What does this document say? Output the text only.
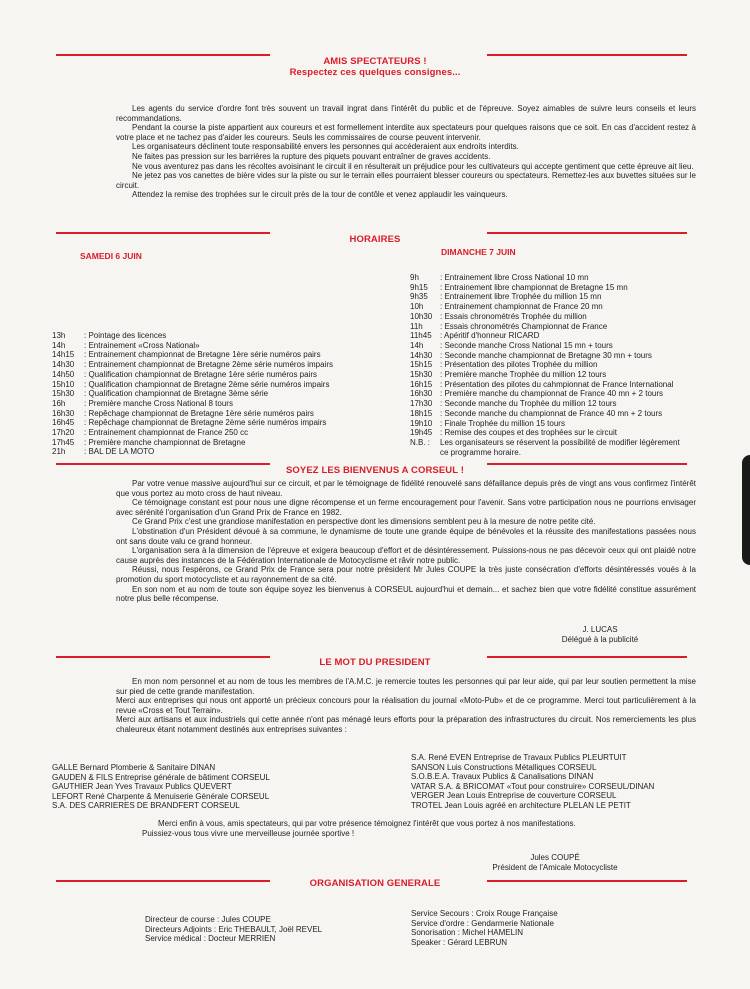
AMIS SPECTATEURS !
Respectez ces quelques consignes...

Les agents du service d'ordre font très souvent un travail ingrat dans l'intérêt du public et de l'épreuve. Soyez aimables de suivre leurs conseils et leurs recommandations.

Pendant la course la piste appartient aux coureurs et est formellement interdite aux spectateurs pour quelques raisons que ce soit. En cas d'accident restez à votre place et ne tachez pas d'aider les coureurs. Seuls les commissaires de course peuvent intervenir.

Les organisateurs déclinent toute responsabilité envers les personnes qui accéderaient aux endroits interdits.

Ne faites pas pression sur les barrières la rupture des piquets pouvant entraîner de graves accidents.

Ne vous aventurez pas dans les récoltes avoisinant le circuit il en résulterait un préjudice pour les cultivateurs qui accepte gentiment que cette épreuve ait lieu.

Ne jetez pas vos canettes de bière vides sur la piste ou sur le terrain elles pourraient blesser coureurs ou spectateurs. Remettez-les aux buvettes situées sur le circuit.

Attendez la remise des trophées sur le circuit près de la tour de contôle et venez applaudir les vainqueurs.

HORAIRES
SAMEDI 6 JUIN	DIMANCHE 7 JUIN
13h : Pointage des licences
14h : Entrainement «Cross National»
14h15 : Entrainement championnat de Bretagne 1ère série numéros pairs
14h30 : Entrainement championnat de Bretagne 2ème série numéros impairs
14h50 : Qualification championnat de Bretagne 1ère série numéros pairs
15h10 : Qualification championnat de Bretagne 2ème série numéros impairs
15h30 : Qualification championnat de Bretagne 3ème série
16h : Première manche Cross National 8 tours
16h30 : Repêchage championnat de Bretagne 1ère série numéros pairs
16h45 : Repêchage championnat de Bretagne 2ème série numéros impairs
17h20 : Entrainement championnat de France 250 cc
17h45 : Première manche championnat de Bretagne
21h : BAL DE LA MOTO
9h	: Entrainement libre Cross National 10 mn
9h15 : Entrainement libre championnat de Bretagne 15 mn
9h35 : Entrainement libre Trophée du million 15 mn
10h : Entrainement championnat de France 20 mn
10h30 : Essais chronométrés Trophée du million
11h : Essais chronométrés Championnat de France
11h45 : Apéritif d'honneur RICARD
14h : Seconde manche Cross National 15 mn + tours
14h30 : Seconde manche championnat de Bretagne 30 mn + tours
15h15 : Présentation des pilotes Trophée du million
15h30 : Première manche Trophée du million 12 tours
16h15 : Présentation des pilotes du cahmpionnat de France International
16h30 : Première manche du championnat de France 40 mn + 2 tours
17h30 : Seconde manche du Trophée du million 12 tours
18h15 : Seconde manche du championnat de France 40 mn + 2 tours
19h10 : Finale Trophée du million 15 tours
19h45 : Remise des coupes et des trophées sur le circuit
N.B. : Les organisateurs se réservent la possibilité de modifier légèrement
ce programme horaire.
SOYEZ LES BIENVENUS A CORSEUL !

Par votre venue massive aujourd'hui sur ce circuit, et par le témoignage de fidélité renouvelé sans défaillance depuis près de vingt ans vous confirmez l'intérêt que vous portez au moto cross de haut niveau.

Ce témoignage constant est pour nous une digne récompense et un ferme encouragement pour l'avenir. Sans votre participation nous ne pourrions envisager avec sérénité l'organisation d'un Grand Prix de France en 1982.

Ce Grand Prix c'est une grandiose manifestation en perspective dont les dimensions semblent peu à la mesure de notre petite cité.

L'obstination d'un Président dévoué à sa commune, le dynamisme de toute une grande équipe de bénévoles et la réussite des manifestations passées nous ont sans doute valu ce grand honneur.

L'organisation sera à la dimension de l'épreuve et exigera beaucoup d'effort et de désintéressement. Puissions-nous ne pas décevoir ceux qui ont plaidé notre cause auprès des instances de la Fédération Internationale de Motocyclisme et râvir notre public.

Réussi, nous l'espérons, ce Grand Prix de France sera pour notre président Mr Jules COUPE la très juste consécration d'efforts désintéressés voués à la promotion du sport motocycliste et au rayonnement de sa cité.

En son nom et au nom de toute son équipe soyez les bienvenus à CORSEUL aujourd'hui et demain... et sachez bien que votre fidélité constitue assurément notre plus belle récompense.

J. LUCAS
Délégué à la publicité
LE MOT DU PRESIDENT

En mon nom personnel et au nom de tous les membres de l'A.M.C. je remercie toutes les personnes qui par leur aide, qui par leur soutien permettent la mise sur pied de cette grande manifestation.

Merci aux entreprises qui nous ont apporté un précieux concours pour la réalisation du journal «Moto-Pub» et de ce programme. Merci tout particulièrement à la revue «Cross et Tout Terrain».

Merci aux artisans et aux industriels qui cette année n'ont pas ménagé leurs efforts pour la préparation des infrastructures du circuit. Nos remerciements les plus chaleureux étant notamment destinés aux entreprises suivantes :

GALLE Bernard Plomberie & Sanitaire DINAN
GAUDEN & FILS Entreprise générale de bâtiment CORSEUL
GAUTHIER Jean Yves Travaux Publics QUEVERT
LEFORT René Charpente & Menuiserie Générale CORSEUL
S.A. DES CARRIERES DE BRANDFERT CORSEUL
S.A. René EVEN Entreprise de Travaux Publics PLEURTUIT
SANSON Luis Constructions Métalliques CORSEUL
S.O.B.E.A. Travaux Publics & Canalisations DINAN
VATAR S.A. & BRICOMAT «Tout pour construire» CORSEUL/DINAN
VERGER Jean Louis Entreprise de couverture CORSEUL
TROTEL Jean Louis agréé en architecture PLELAN LE PETIT

Merci enfin à vous, amis spectateurs, qui par votre présence témoignez l'intérêt que vous portez à nos manifestations.

Puissiez-vous tous vivre une merveilleuse journée sportive !

Jules COUPÉ
Président de l'Amicale Motocycliste
ORGANISATION GENERALE
Directeur de course : Jules COUPE
Directeurs Adjoints : Eric THEBAULT, Joël REVEL
Service médical : Docteur MERRIEN
Service Secours : Croix Rouge Française
Service d'ordre : Gendarmerie Nationale
Sonorisation : Michel HAMELIN
Speaker : Gérard LEBRUN
